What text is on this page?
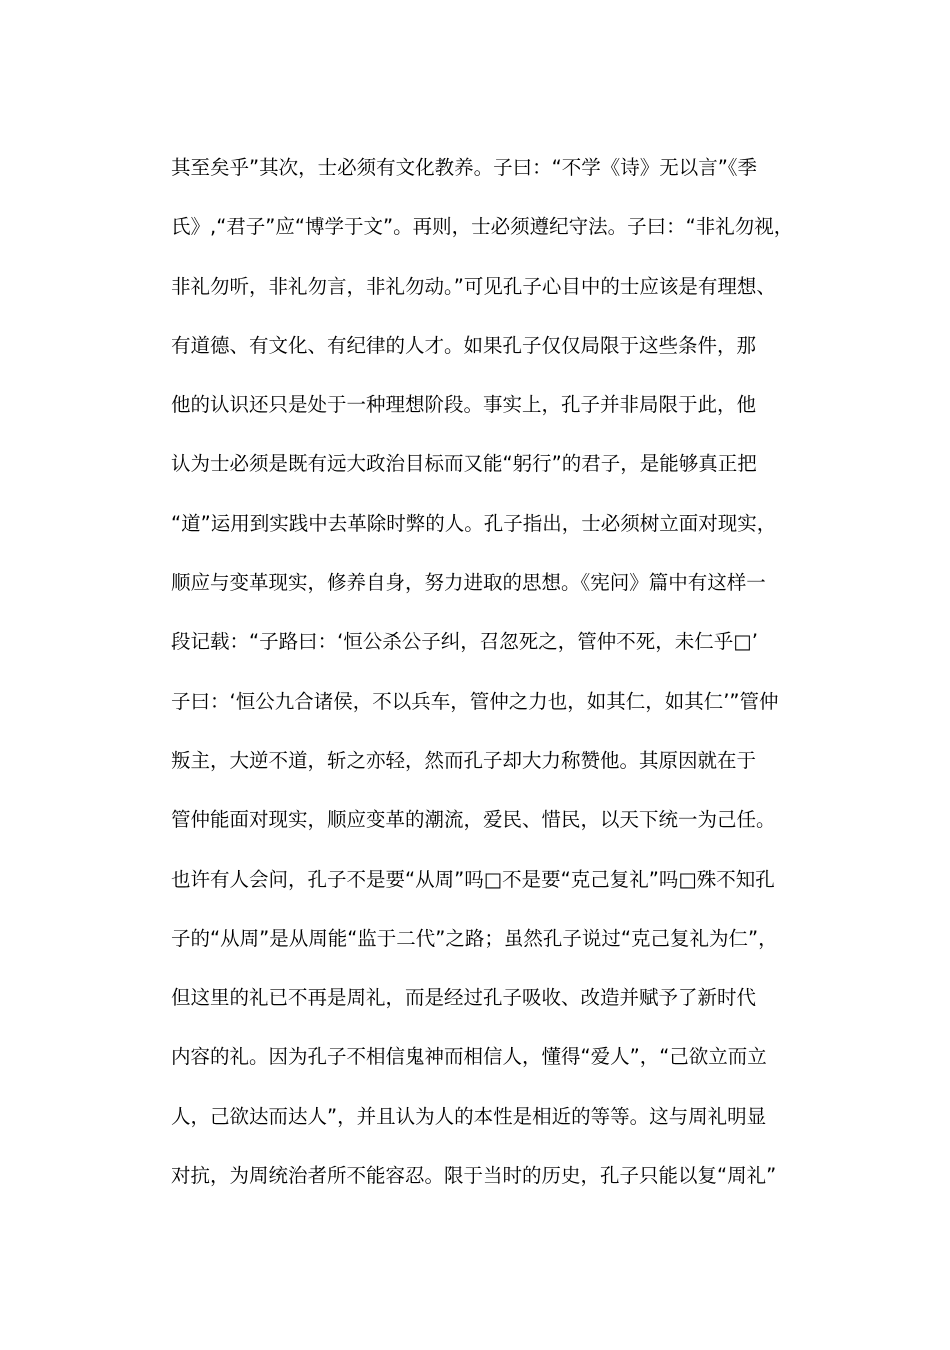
其至矣乎”其次，士必须有文化教养。子曰：“不学《诗》无以言”《季
氏》,“君子”应“博学于文”。再则，士必须遵纪守法。子曰：“非礼勿视，
非礼勿听，非礼勿言，非礼勿动。”可见孔子心目中的士应该是有理想、
有道德、有文化、有纪律的人才。如果孔子仅仅局限于这些条件，那
他的认识还只是处于一种理想阶段。事实上，孔子并非局限于此，他
认为士必须是既有远大政治目标而又能“躬行”的君子，是能够真正把
“道”运用到实践中去革除时弊的人。孔子指出，士必须树立面对现实，
顺应与变革现实，修养自身，努力进取的思想。《宪问》篇中有这样一
段记载：“子路曰：‘恒公杀公子纠，召忽死之，管仲不死，未仁乎□’
子曰：‘恒公九合诸侯，不以兵车，管仲之力也，如其仁，如其仁’”管仲
叛主，大逆不道，斩之亦轻，然而孔子却大力称赞他。其原因就在于
管仲能面对现实，顺应变革的潮流，爱民、惜民，以天下统一为己任。
也许有人会问，孔子不是要“从周”吗□不是要“克己复礼”吗□殊不知孔
子的“从周”是从周能“监于二代”之路；虽然孔子说过“克己复礼为仁”，
但这里的礼已不再是周礼，而是经过孔子吸收、改造并赋予了新时代
内容的礼。因为孔子不相信鬼神而相信人，懂得“爱人”，“己欲立而立
人，己欲达而达人”，并且认为人的本性是相近的等等。这与周礼明显
对抗，为周统治者所不能容忍。限于当时的历史，孔子只能以复“周礼”
